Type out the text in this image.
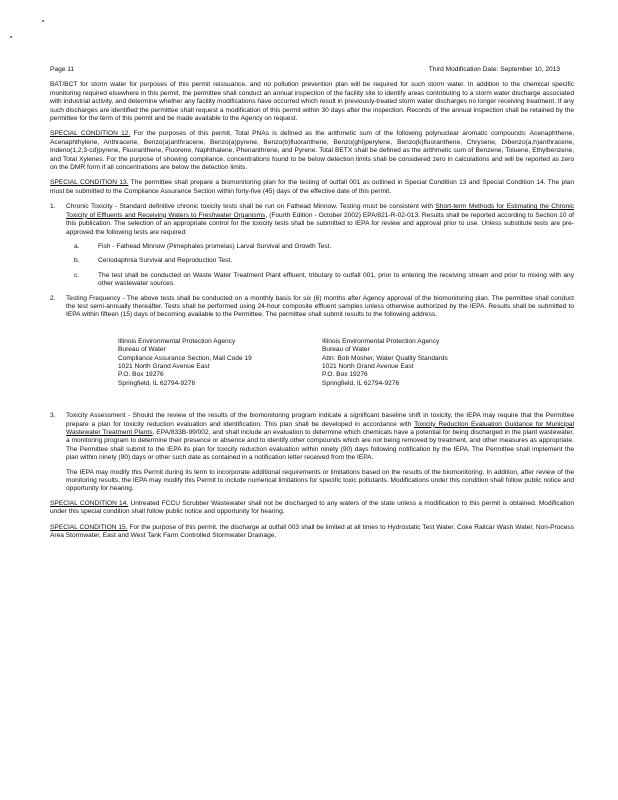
Page 11	Third Modification Date: September 10, 2013

BAT/BCT for storm water for purposes of this permit reissuance, and no pollution prevention plan will be required for such storm water. In addition to the chemical specific monitoring required elsewhere in this permit, the permittee shall conduct an annual inspection of the facility site to identify areas contributing to a storm water discharge associated with industrial activity, and determine whether any facility modifications have occurred which result in previously-treated storm water discharges no longer receiving treatment. If any such discharges are identified the permittee shall request a modification of this permit within 30 days after the inspection. Records of the annual inspection shall be retained by the permittee for the term of this permit and be made available to the Agency on request.

SPECIAL CONDITION 12. For the purposes of this permit, Total PNAs is defined as the arithmetic sum of the following polynuclear aromatic compounds: Acenaphthene, Acenaphthylene, Anthracene, Benzo(a)anthracene, Benzo(a)pyrene, Benzo(b)fluoranthene, Benzo(ghi)perylene, Benzo(k)fluoranthene, Chrysene, Dibenzo(a,h)anthracene, Indeno(1,2,3-cd)pyrene, Fluoranthene, Fluorene, Naphthalene, Phenanthrene, and Pyrene. Total BETX shall be defined as the arithmetic sum of Benzene, Toluene, Ethylbenzene, and Total Xylenes. For the purpose of showing compliance, concentrations found to be below detection limits shall be considered zero in calculations and will be reported as zero on the DMR form if all concentrations are below the detection limits.

SPECIAL CONDITION 13. The permittee shall prepare a biomonitoring plan for the testing of outfall 001 as outlined in Special Condition 13 and Special Condition 14. The plan must be submitted to the Compliance Assurance Section within forty-five (45) days of the effective date of this permit.

1.	Chronic Toxicity - Standard definitive chronic toxicity tests shall be run on Fathead Minnow. Testing must be consistent with Short-term Methods for Estimating the Chronic Toxicity of Effluents and Receiving Waters to Freshwater Organisms, (Fourth Edition - October 2002) EPA/821-R-02-013. Results shall be reported according to Section 10 of this publication. The selection of an appropriate control for the toxicity tests shall be submitted to IEPA for review and approval prior to use. Unless substitute tests are pre-approved the following tests are required:
a.	Fish - Fathead Minnow (Pimephales promelas) Larval Survival and Growth Test.
b.	Ceriodaphnia Survival and Reproduction Test.
c.	The test shall be conducted on Waste Water Treatment Plant effluent, tributary to outfall 001, prior to entering the receiving stream and prior to mixing with any other wastewater sources.
2.	Testing Frequency - The above tests shall be conducted on a monthly basis for six (6) months after Agency approval of the biomonitoring plan. The permittee shall conduct the test semi-annually thereafter. Tests shall be performed using 24-hour composite effluent samples unless otherwise authorized by the IEPA. Results shall be submitted to IEPA within fifteen (15) days of becoming available to the Permittee. The permittee shall submit results to the following address.
Illinois Environmental Protection Agency
Bureau of Water
Compliance Assurance Section, Mail Code 19
1021 North Grand Avenue East
P.O. Box 19276
Springfield, IL 62794-9276
Illinois Environmental Protection Agency
Bureau of Water
Attn: Bob Mosher, Water Quality Standards
1021 North Grand Avenue East
P.O. Box 19276
Springfield, IL 62794-9276
3.	Toxicity Assessment - Should the review of the results of the biomonitoring program indicate a significant baseline shift in toxicity, the IEPA may require that the Permittee prepare a plan for toxicity reduction evaluation and identification. This plan shall be developed in accordance with Toxicity Reduction Evaluation Guidance for Municipal Wastewater Treatment Plants, EPA/833B-99/002, and shall include an evaluation to determine which chemicals have a potential for being discharged in the plant wastewater, a monitoring program to determine their presence or absence and to identify other compounds which are not being removed by treatment, and other measures as appropriate. The Permittee shall submit to the IEPA its plan for toxicity reduction evaluation within ninety (90) days following notification by the IEPA. The Permittee shall implement the plan within ninety (90) days or other such date as contained in a notification letter received from the IEPA.

The IEPA may modify this Permit during its term to incorporate additional requirements or limitations based on the results of the biomonitoring. In addition, after review of the monitoring results, the IEPA may modify this Permit to include numerical limitations for specific toxic pollutants. Modifications under this condition shall follow public notice and opportunity for hearing.

SPECIAL CONDITION 14. Untreated FCCU Scrubber Wastewater shall not be discharged to any waters of the state unless a modification to this permit is obtained. Modification under this special condition shall follow public notice and opportunity for hearing.

SPECIAL CONDITION 15. For the purpose of this permit, the discharge at outfall 003 shall be limited at all times to Hydrostatic Test Water, Coke Railcar Wash Water, Non-Process Area Stormwater, East and West Tank Farm Controlled Stormwater Drainage,
